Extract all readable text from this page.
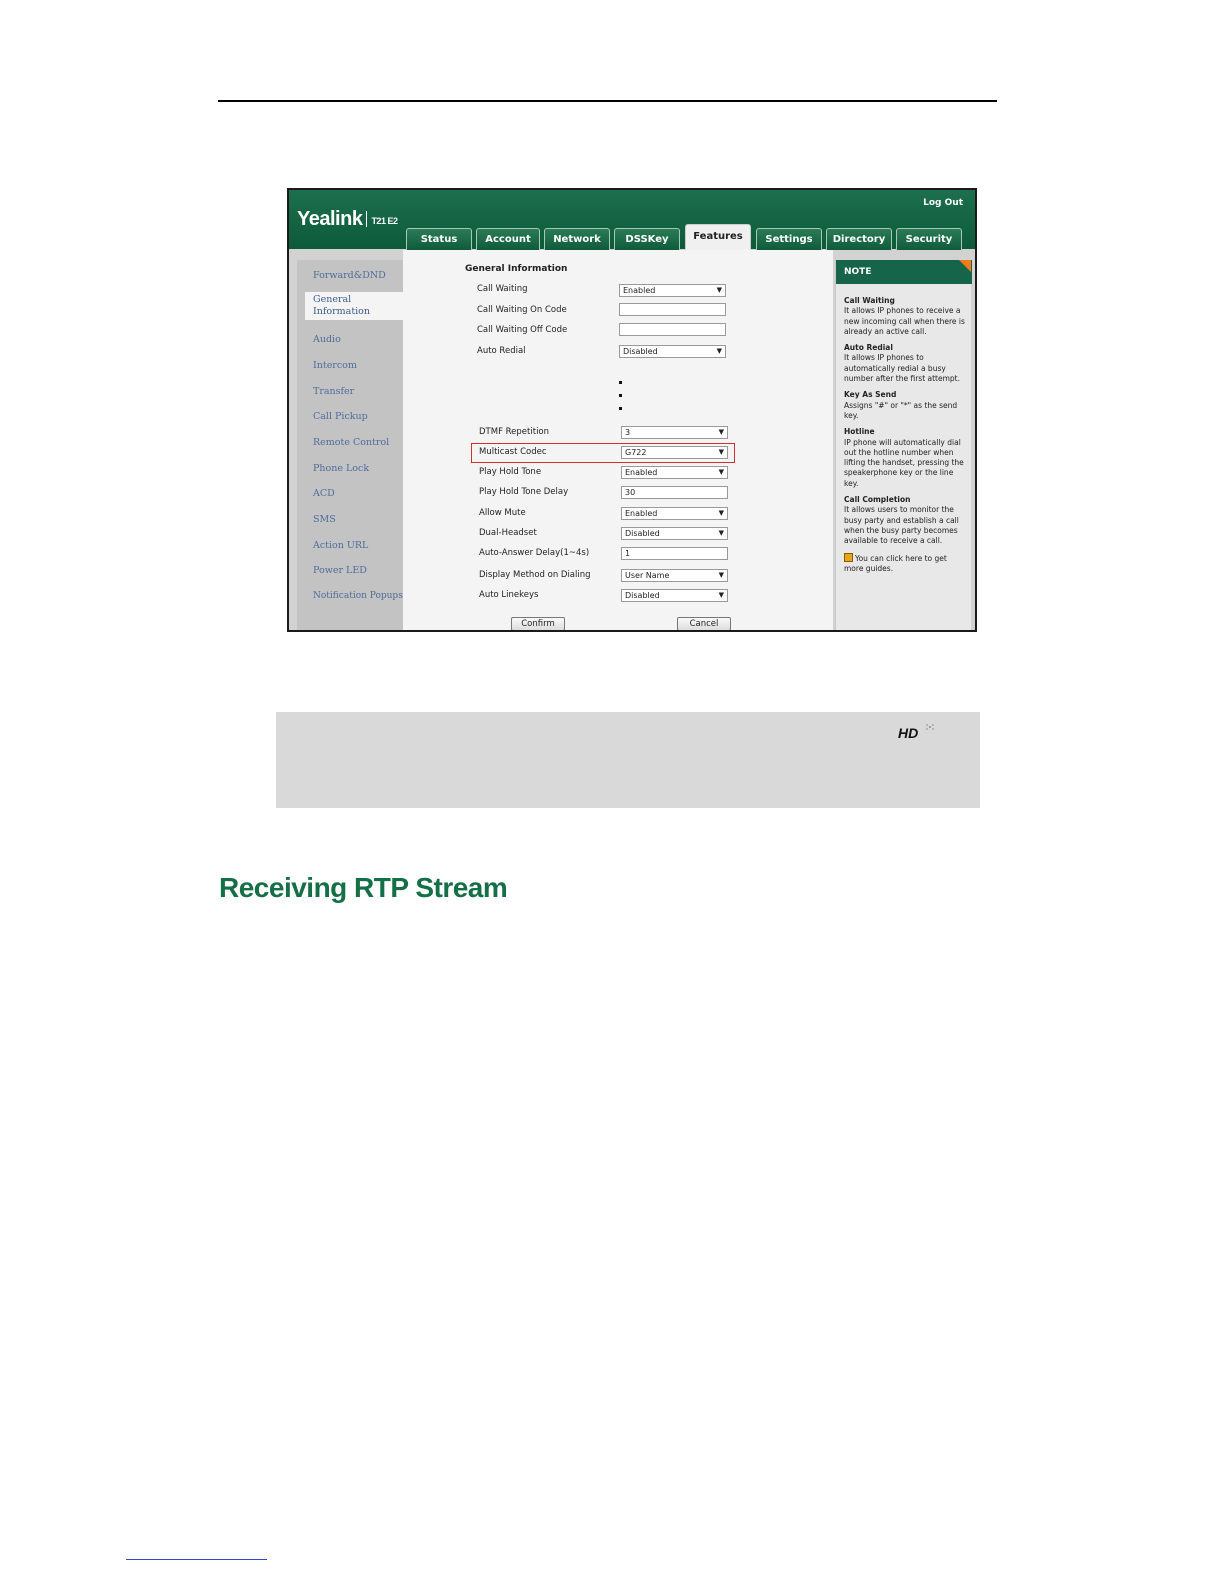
Yealink T21 E2
Log Out
Status	Account	Network	DSSKey	Features	Settings	Directory	Security
Forward&DND
General Information
Audio
Intercom
Transfer
Call Pickup
Remote Control
Phone Lock
ACD
SMS
Action URL
Power LED
Notification Popups
General Information
Call Waiting	Enabled	▼
Call Waiting On Code
Call Waiting Off Code
Auto Redial	Disabled	▼
DTMF Repetition	3	▼
Multicast Codec	G722	▼
Play Hold Tone	Enabled	▼
Play Hold Tone Delay	30
Allow Mute	Enabled	▼
Dual-Headset	Disabled	▼
Auto-Answer Delay(1~4s)	1
Display Method on Dialing	User Name	▼
Auto Linekeys	Disabled	▼
Confirm	Cancel
NOTE

Call Waiting
It allows IP phones to receive a new incoming call when there is already an active call.

Auto Redial
It allows IP phones to automatically redial a busy number after the first attempt.

Key As Send
Assigns "#" or "*" as the send key.

Hotline
IP phone will automatically dial out the hotline number when lifting the handset, pressing the speakerphone key or the line key.

Call Completion
It allows users to monitor the busy party and establish a call when the busy party becomes available to receive a call.

You can click here to get more guides.

HD
Receiving RTP Stream
